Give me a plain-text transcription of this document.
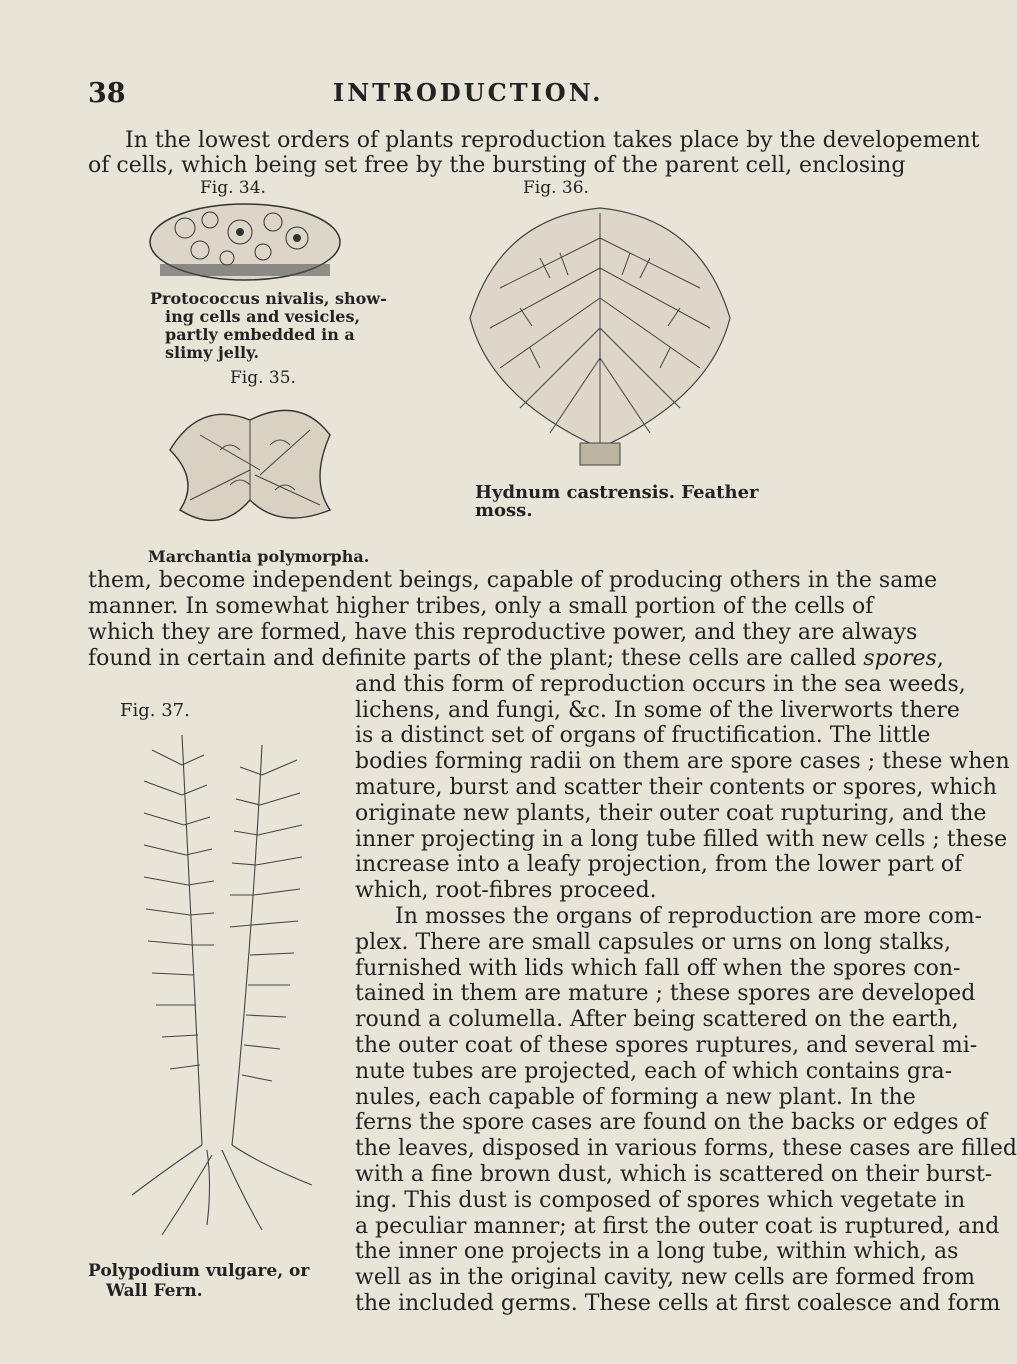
38	INTRODUCTION.
In the lowest orders of plants reproduction takes place by the developement
of cells, which being set free by the bursting of the parent cell, enclosing
Fig. 34.
Protococcus nivalis, show-
ing cells and vesicles,
partly embedded in a
slimy jelly.
Fig. 35.
Marchantia polymorpha.
Fig. 36.
Hydnum castrensis. Feather moss.
them, become independent beings, capable of producing others in the same
manner. In somewhat higher tribes, only a small portion of the cells of
which they are formed, have this reproductive power, and they are always
found in certain and definite parts of the plant; these cells are called spores,
Fig. 37.
Polypodium vulgare, or
Wall Fern.
and this form of reproduction occurs in the sea weeds,
lichens, and fungi, &c. In some of the liverworts there
is a distinct set of organs of fructification. The little
bodies forming radii on them are spore cases ; these when
mature, burst and scatter their contents or spores, which
originate new plants, their outer coat rupturing, and the
inner projecting in a long tube filled with new cells ; these
increase into a leafy projection, from the lower part of
which, root-fibres proceed.
In mosses the organs of reproduction are more com-
plex. There are small capsules or urns on long stalks,
furnished with lids which fall off when the spores con-
tained in them are mature ; these spores are developed
round a columella. After being scattered on the earth,
the outer coat of these spores ruptures, and several mi-
nute tubes are projected, each of which contains gra-
nules, each capable of forming a new plant. In the
ferns the spore cases are found on the backs or edges of
the leaves, disposed in various forms, these cases are filled
with a fine brown dust, which is scattered on their burst-
ing. This dust is composed of spores which vegetate in
a peculiar manner; at first the outer coat is ruptured, and
the inner one projects in a long tube, within which, as
well as in the original cavity, new cells are formed from
the included germs. These cells at first coalesce and form
